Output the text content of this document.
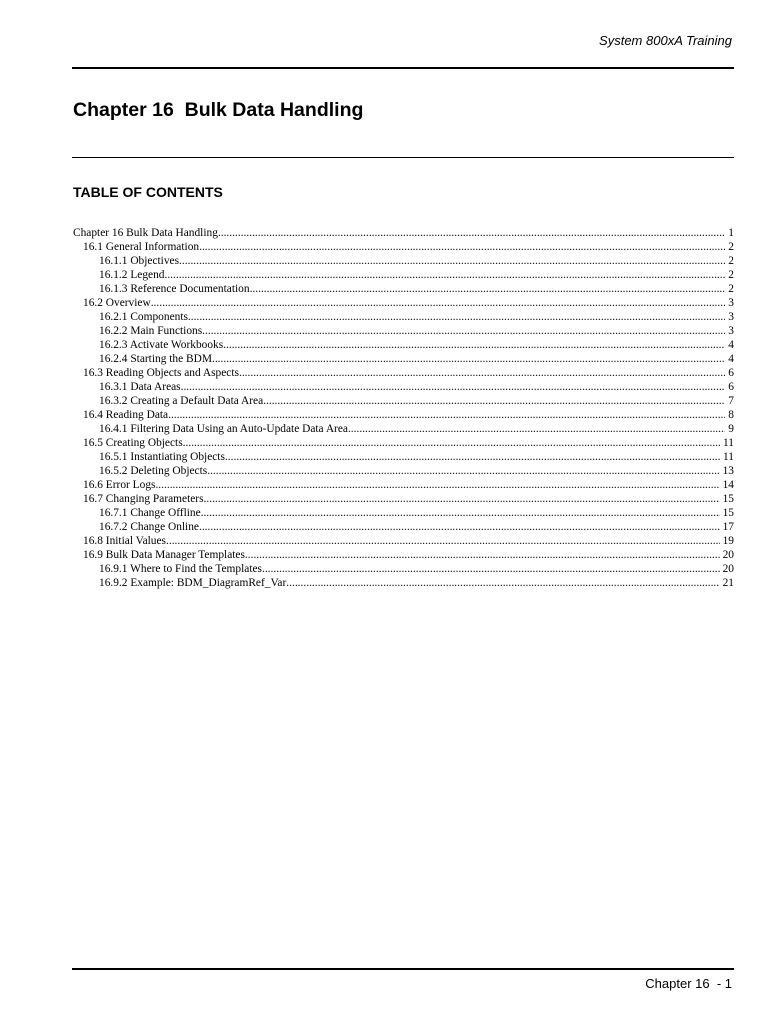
System 800xA Training
Chapter 16  Bulk Data Handling
TABLE OF CONTENTS
Chapter 16 Bulk Data Handling .....	1
16.1 General Information .....	2
16.1.1 Objectives .....	2
16.1.2 Legend .....	2
16.1.3 Reference Documentation .....	2
16.2 Overview .....	3
16.2.1 Components .....	3
16.2.2 Main Functions .....	3
16.2.3 Activate Workbooks .....	4
16.2.4 Starting the BDM .....	4
16.3 Reading Objects and Aspects .....	6
16.3.1 Data Areas .....	6
16.3.2 Creating a Default Data Area .....	7
16.4 Reading Data .....	8
16.4.1 Filtering Data Using an Auto-Update Data Area .....	9
16.5 Creating Objects .....	11
16.5.1 Instantiating Objects .....	11
16.5.2 Deleting Objects .....	13
16.6 Error Logs .....	14
16.7 Changing Parameters .....	15
16.7.1 Change Offline .....	15
16.7.2 Change Online .....	17
16.8 Initial Values .....	19
16.9 Bulk Data Manager Templates .....	20
16.9.1 Where to Find the Templates .....	20
16.9.2 Example: BDM_DiagramRef_Var .....	21
Chapter 16  - 1
